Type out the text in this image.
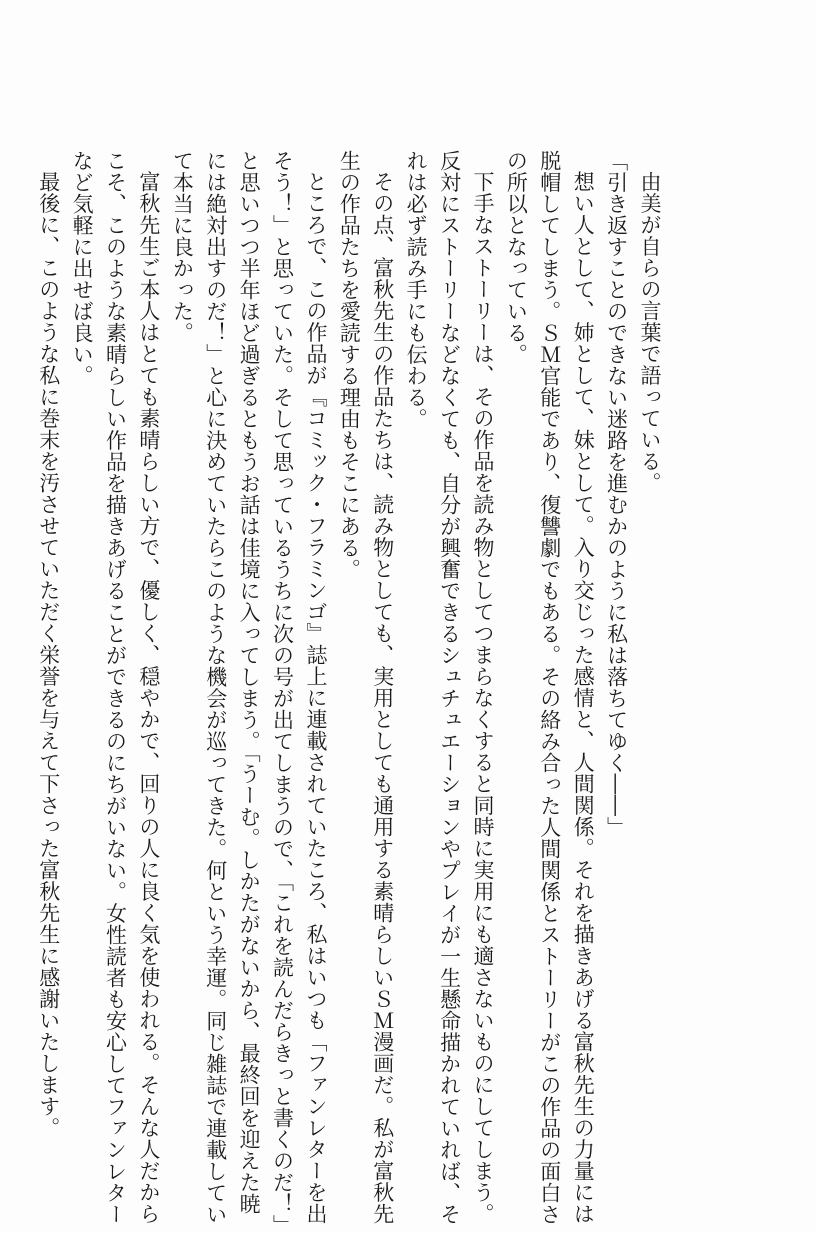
由美が自らの言葉で語っている。
「引き返すことのできない迷路を進むかのように私は落ちてゆく――」
想い人として、姉として、妹として。入り交じった感情と、人間関係。それを描きあげる富秋先生の力量には
脱帽してしまう。ＳＭ官能であり、復讐劇でもある。その絡み合った人間関係とストーリーがこの作品の面白さ
の所以となっている。
下手なストーリーは、その作品を読み物としてつまらなくすると同時に実用にも適さないものにしてしまう。
反対にストーリーなどなくても、自分が興奮できるシュチュエーションやプレイが一生懸命描かれていれば、そ
れは必ず読み手にも伝わる。
その点、富秋先生の作品たちは、読み物としても、実用としても通用する素晴らしいＳＭ漫画だ。私が富秋先
生の作品たちを愛読する理由もそこにある。
ところで、この作品が『コミック・フラミンゴ』誌上に連載されていたころ、私はいつも「ファンレターを出
そう！」と思っていた。そして思っているうちに次の号が出てしまうので、「これを読んだらきっと書くのだ！」
と思いつつ半年ほど過ぎるともうお話は佳境に入ってしまう。「うーむ。しかたがないから、最終回を迎えた暁
には絶対出すのだ！」と心に決めていたらこのような機会が巡ってきた。何という幸運。同じ雑誌で連載してい
て本当に良かった。
富秋先生ご本人はとても素晴らしい方で、優しく、穏やかで、回りの人に良く気を使われる。そんな人だから
こそ、このような素晴らしい作品を描きあげることができるのにちがいない。女性読者も安心してファンレター
など気軽に出せば良い。
最後に、このような私に巻末を汚させていただく栄誉を与えて下さった富秋先生に感謝いたします。
